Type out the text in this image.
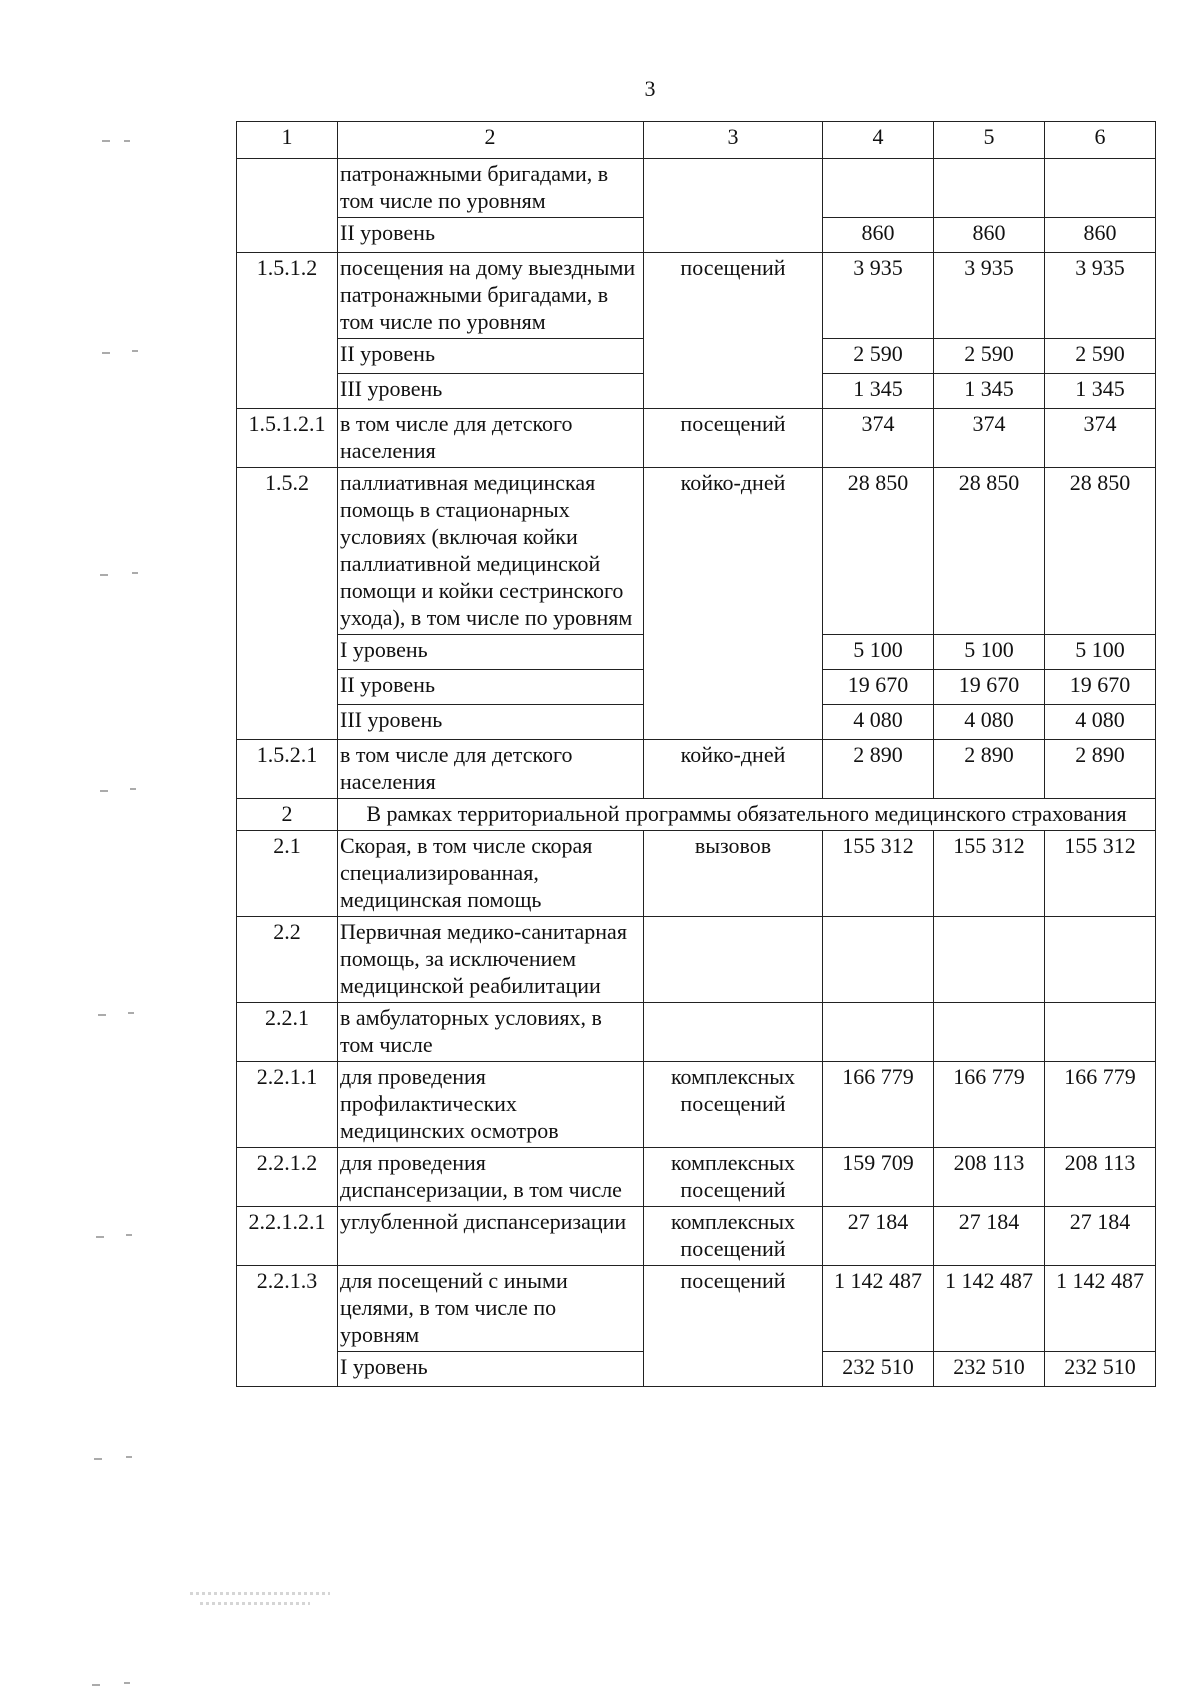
3
1	2	3	4	5	6
	патронажными бригадами, в том числе по уровням				
	II уровень		860	860	860
1.5.1.2	посещения на дому выездными патронажными бригадами, в том числе по уровням	посещений	3 935	3 935	3 935
	II уровень		2 590	2 590	2 590
	III уровень		1 345	1 345	1 345
1.5.1.2.1	в том числе для детского населения	посещений	374	374	374
1.5.2	паллиативная медицинская помощь в стационарных условиях (включая койки паллиативной медицинской помощи и койки сестринского ухода), в том числе по уровням	койко-дней	28 850	28 850	28 850
	I уровень		5 100	5 100	5 100
	II уровень		19 670	19 670	19 670
	III уровень		4 080	4 080	4 080
1.5.2.1	в том числе для детского населения	койко-дней	2 890	2 890	2 890
2	В рамках территориальной программы обязательного медицинского страхования				
2.1	Скорая, в том числе скорая специализированная, медицинская помощь	вызовов	155 312	155 312	155 312
2.2	Первичная медико-санитарная помощь, за исключением медицинской реабилитации				
2.2.1	в амбулаторных условиях, в том числе				
2.2.1.1	для проведения профилактических медицинских осмотров	комплексных посещений	166 779	166 779	166 779
2.2.1.2	для проведения диспансеризации, в том числе	комплексных посещений	159 709	208 113	208 113
2.2.1.2.1	углубленной диспансеризации	комплексных посещений	27 184	27 184	27 184
2.2.1.3	для посещений с иными целями, в том числе по уровням	посещений	1 142 487	1 142 487	1 142 487
	I уровень		232 510	232 510	232 510
